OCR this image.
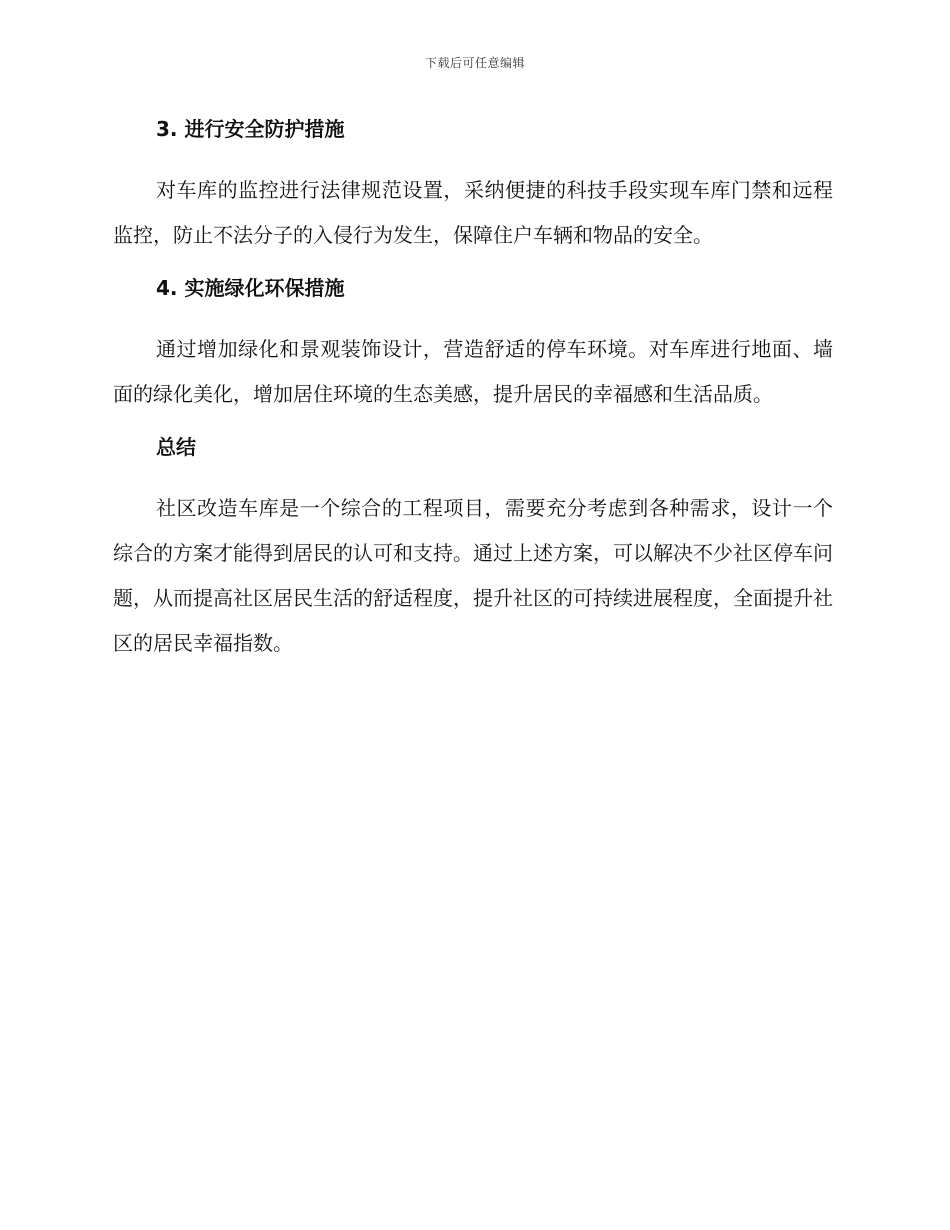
下载后可任意编辑
3. 进行安全防护措施

对车库的监控进行法律规范设置，采纳便捷的科技手段实现车库门禁和远程监控，防止不法分子的入侵行为发生，保障住户车辆和物品的安全。

4. 实施绿化环保措施

通过增加绿化和景观装饰设计，营造舒适的停车环境。对车库进行地面、墙面的绿化美化，增加居住环境的生态美感，提升居民的幸福感和生活品质。

总结

社区改造车库是一个综合的工程项目，需要充分考虑到各种需求，设计一个综合的方案才能得到居民的认可和支持。通过上述方案，可以解决不少社区停车问题，从而提高社区居民生活的舒适程度，提升社区的可持续进展程度，全面提升社区的居民幸福指数。
